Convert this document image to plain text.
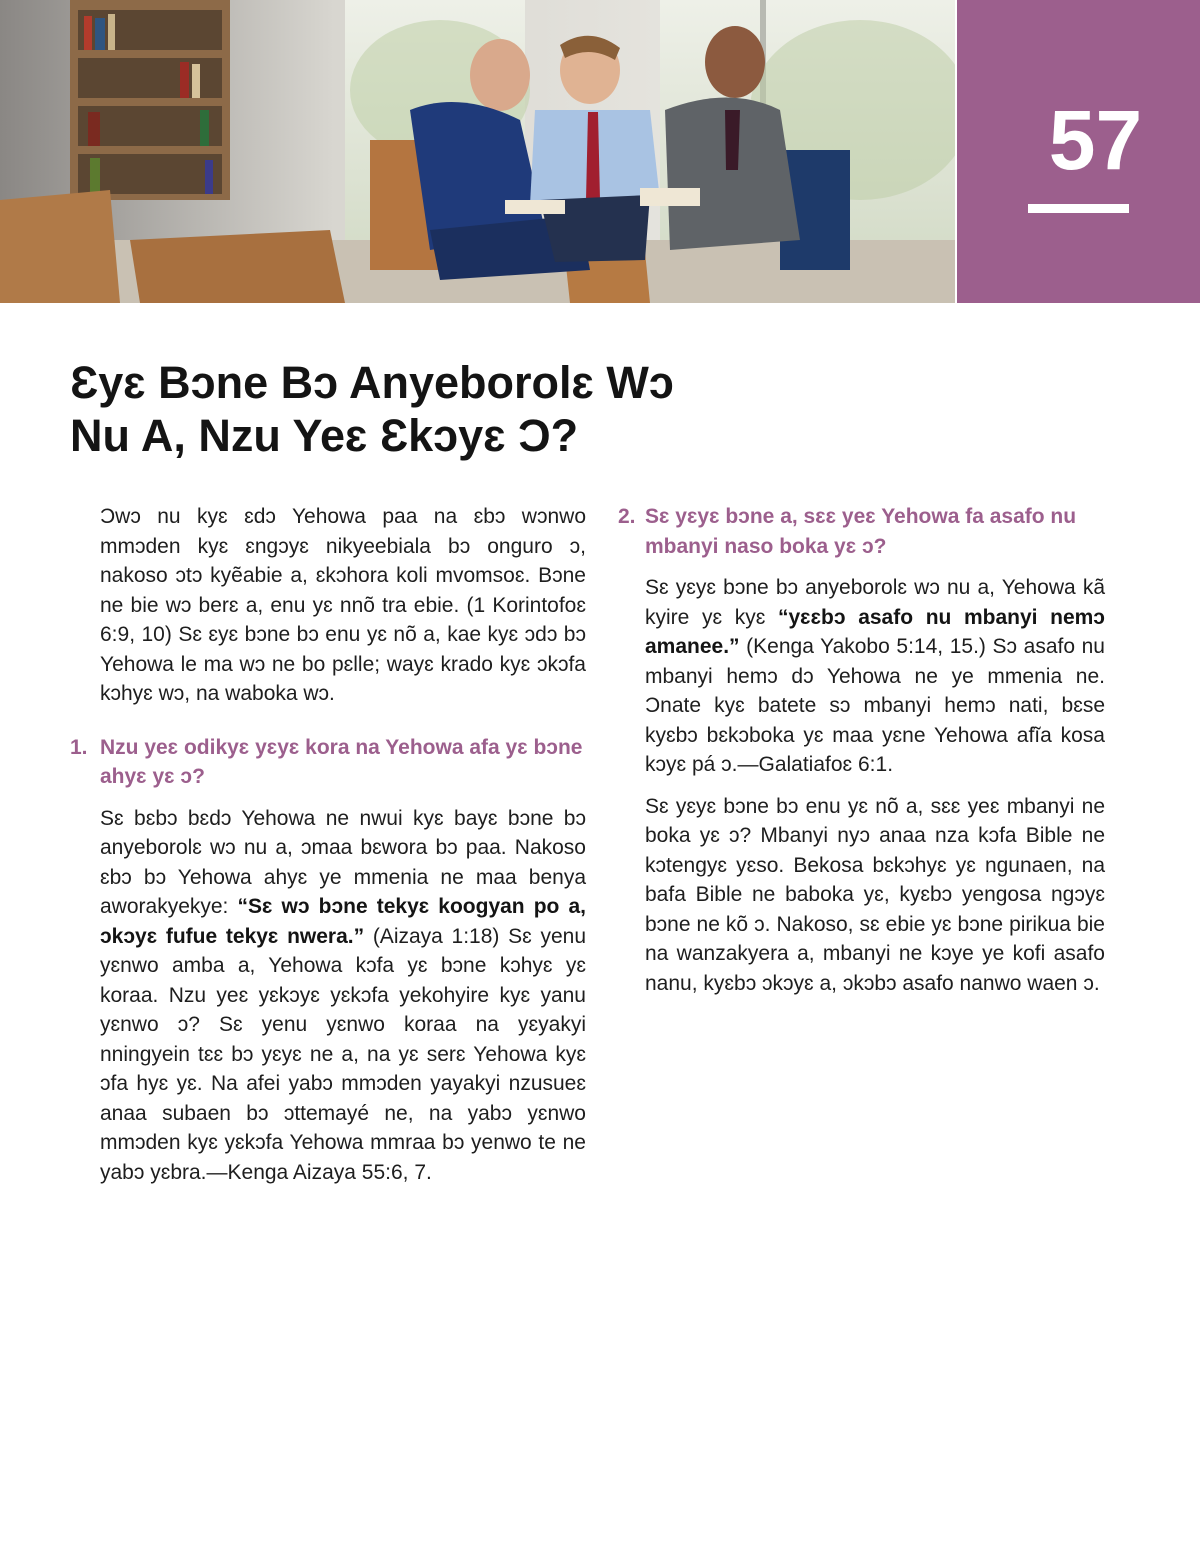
57
Ɛyɛ Bɔne Bɔ Anyeborolɛ Wɔ
Nu A, Nzu Yeɛ Ɛkɔyɛ Ɔ?

Ɔwɔ nu kyɛ ɛdɔ Yehowa paa na ɛbɔ wɔnwo mmɔden kyɛ ɛngɔyɛ nikyeebiala bɔ onguro ɔ, nakoso ɔtɔ kyẽabie a, ɛkɔhora koli mvomsoɛ. Bɔne ne bie wɔ berɛ a, enu yɛ nnõ tra ebie. (1 Korintofoɛ 6:9, 10) Sɛ ɛyɛ bɔne bɔ enu yɛ nõ a, kae kyɛ ɔdɔ bɔ Yehowa le ma wɔ ne bo pɛlle; wayɛ krado kyɛ ɔkɔfa kɔhyɛ wɔ, na waboka wɔ.

1. Nzu yeɛ odikyɛ yɛyɛ kora na Yehowa afa yɛ bɔne ahyɛ yɛ ɔ?

Sɛ bɛbɔ bɛdɔ Yehowa ne nwui kyɛ bayɛ bɔne bɔ anyeborolɛ wɔ nu a, ɔmaa bɛwora bɔ paa. Nakoso ɛbɔ bɔ Yehowa ahyɛ ye mmenia ne maa benya aworakyekye: “Sɛ wɔ bɔne tekyɛ koogyan po a, ɔkɔyɛ fufue tekyɛ nwera.” (Aizaya 1:18) Sɛ yenu yɛnwo amba a, Yehowa kɔfa yɛ bɔne kɔhyɛ yɛ koraa. Nzu yeɛ yɛkɔyɛ yɛkɔfa yekohyire kyɛ yanu yɛnwo ɔ? Sɛ yenu yɛnwo koraa na yɛyakyi nningyein tɛɛ bɔ yɛyɛ ne a, na yɛ serɛ Yehowa kyɛ ɔfa hyɛ yɛ. Na afei yabɔ mmɔden yayakyi nzusueɛ anaa subaen bɔ ɔttemayé ne, na yabɔ yɛnwo mmɔden kyɛ yɛkɔfa Yehowa mmraa bɔ yenwo te ne yabɔ yɛbra.—Kenga Aizaya 55:6, 7.

2. Sɛ yɛyɛ bɔne a, sɛɛ yeɛ Yehowa fa asafo nu mbanyi naso boka yɛ ɔ?

Sɛ yɛyɛ bɔne bɔ anyeborolɛ wɔ nu a, Yehowa kã kyire yɛ kyɛ “yɛɛbɔ asafo nu mbanyi nemɔ amanee.” (Kenga Yakobo 5:14, 15.) Sɔ asafo nu mbanyi hemɔ dɔ Yehowa ne ye mmenia ne. Ɔnate kyɛ batete sɔ mbanyi hemɔ nati, bɛse kyɛbɔ bɛkɔboka yɛ maa yɛne Yehowa afĩa kosa kɔyɛ pá ɔ.—Galatiafoɛ 6:1.

Sɛ yɛyɛ bɔne bɔ enu yɛ nõ a, sɛɛ yeɛ mbanyi ne boka yɛ ɔ? Mbanyi nyɔ anaa nza kɔfa Bible ne kɔtengyɛ yɛso. Bekosa bɛkɔhyɛ yɛ ngunaen, na bafa Bible ne baboka yɛ, kyɛbɔ yengosa ngɔyɛ bɔne ne kõ ɔ. Nakoso, sɛ ebie yɛ bɔne pirikua bie na wanzakyera a, mbanyi ne kɔye ye kofi asafo nanu, kyɛbɔ ɔkɔyɛ a, ɔkɔbɔ asafo nanwo waen ɔ.
